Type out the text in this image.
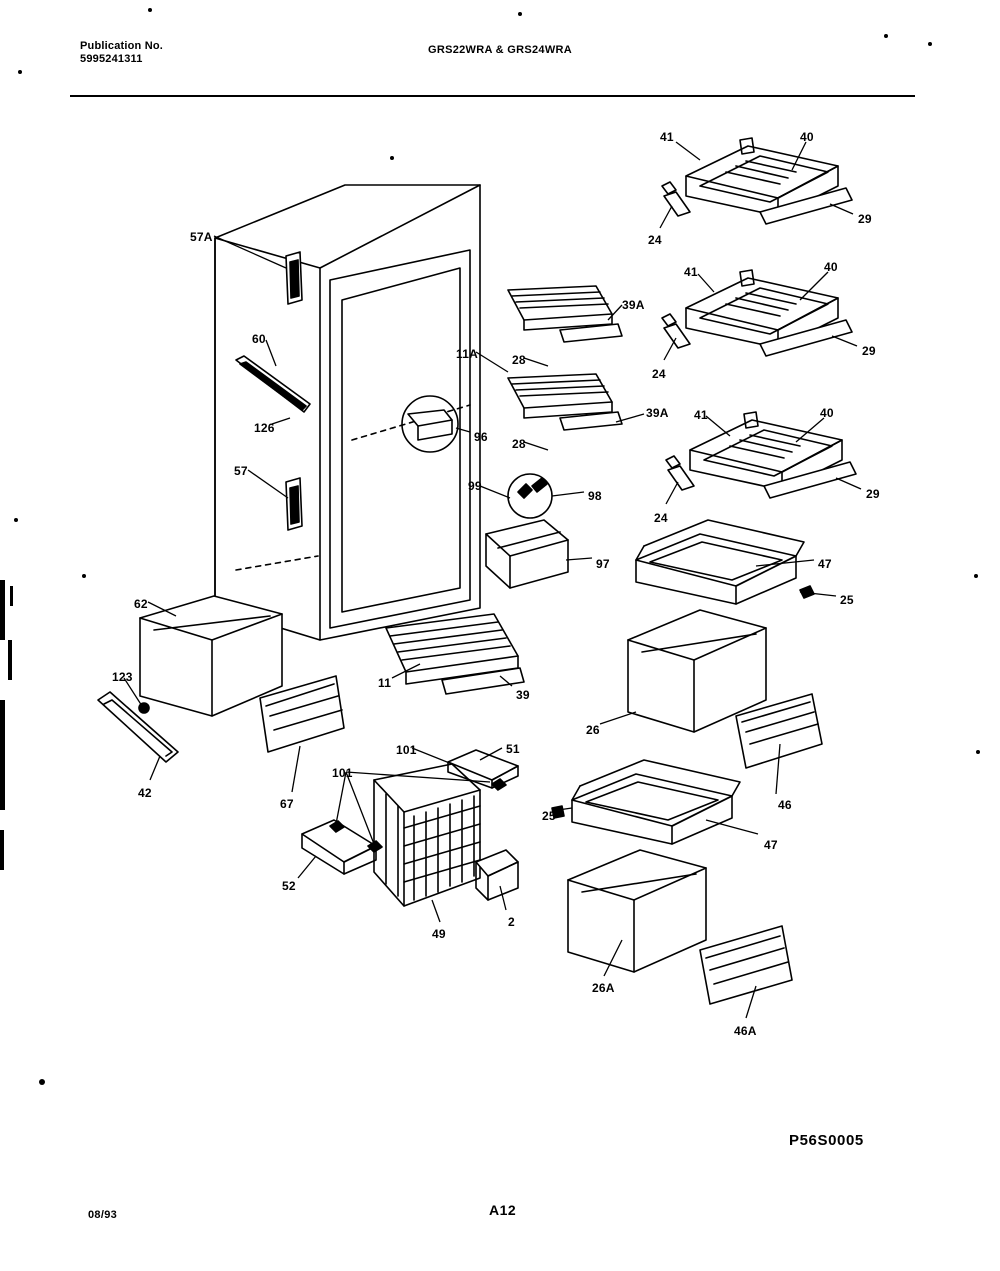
Publication No.
5995241311
GRS22WRA & GRS24WRA
41	40
29
24
41	40
29
24
41	40
29
24
57A
60
126
57
39A
11A	28
96 28
39A
99
98
97	47
25
62
11
39
123
26
42
67
101
101
51
25
47
46
52
49
2
26A
46A
P56S0005
08/93	A12
